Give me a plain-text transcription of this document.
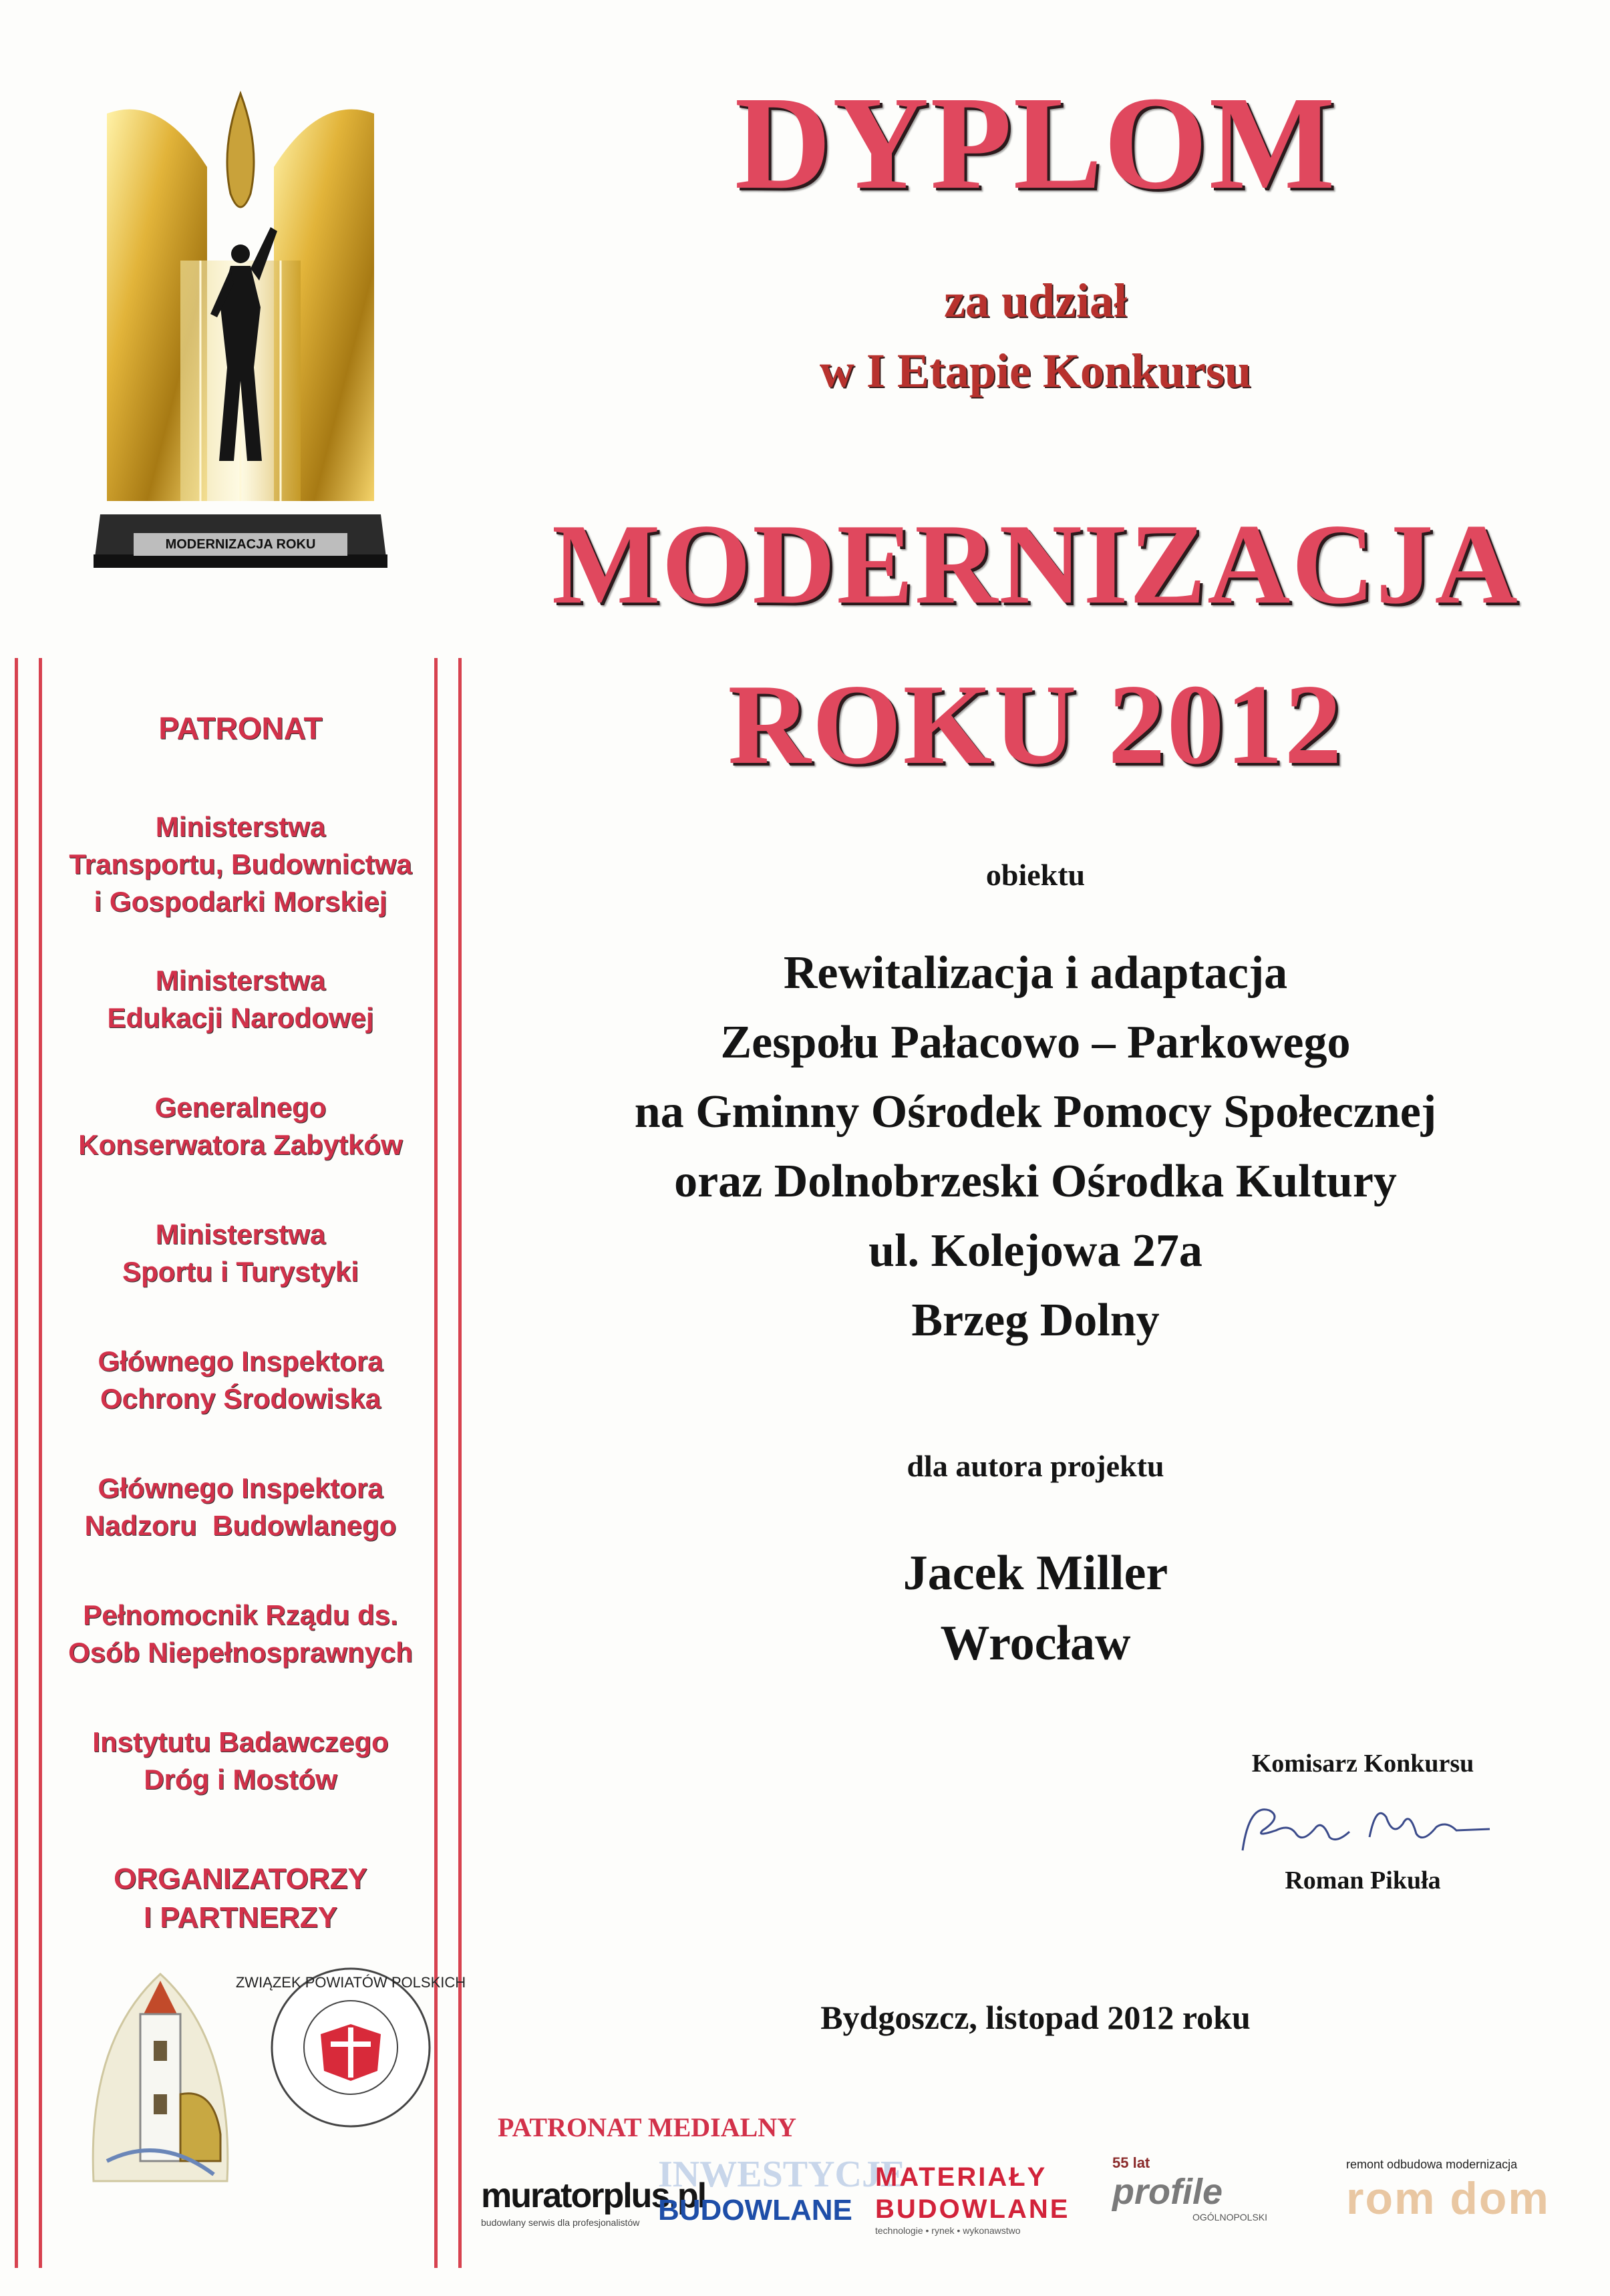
MODERNIZACJA ROKU
DYPLOM
za udział
w I Etapie Konkursu
MODERNIZACJA
ROKU 2012
obiektu
Rewitalizacja i adaptacja
Zespołu Pałacowo – Parkowego
na Gminny Ośrodek Pomocy Społecznej
oraz Dolnobrzeski Ośrodka Kultury
ul. Kolejowa 27a
Brzeg Dolny
dla autora projektu
Jacek Miller
Wrocław
Komisarz Konkursu
Roman Pikuła
Bydgoszcz, listopad 2012 roku
PATRONAT
Ministerstwa
Transportu, Budownictwa
i Gospodarki Morskiej
Ministerstwa
Edukacji Narodowej
Generalnego
Konserwatora Zabytków
Ministerstwa
Sportu i Turystyki
Głównego Inspektora
Ochrony Środowiska
Głównego Inspektora
Nadzoru  Budowlanego
Pełnomocnik Rządu ds.
Osób Niepełnosprawnych
Instytutu Badawczego
Dróg i Mostów
ORGANIZATORZY
I PARTNERZY
ZWIĄZEK POWIATÓW POLSKICH
PATRONAT MEDIALNY
muratorplus.pl
budowlany serwis dla profesjonalistów
INWESTYCJE
BUDOWLANE
MATERIAŁY
BUDOWLANE
technologie • rynek • wykonawstwo
55 lat
profile
OGÓLNOPOLSKI
remont odbudowa modernizacja
rom dom
